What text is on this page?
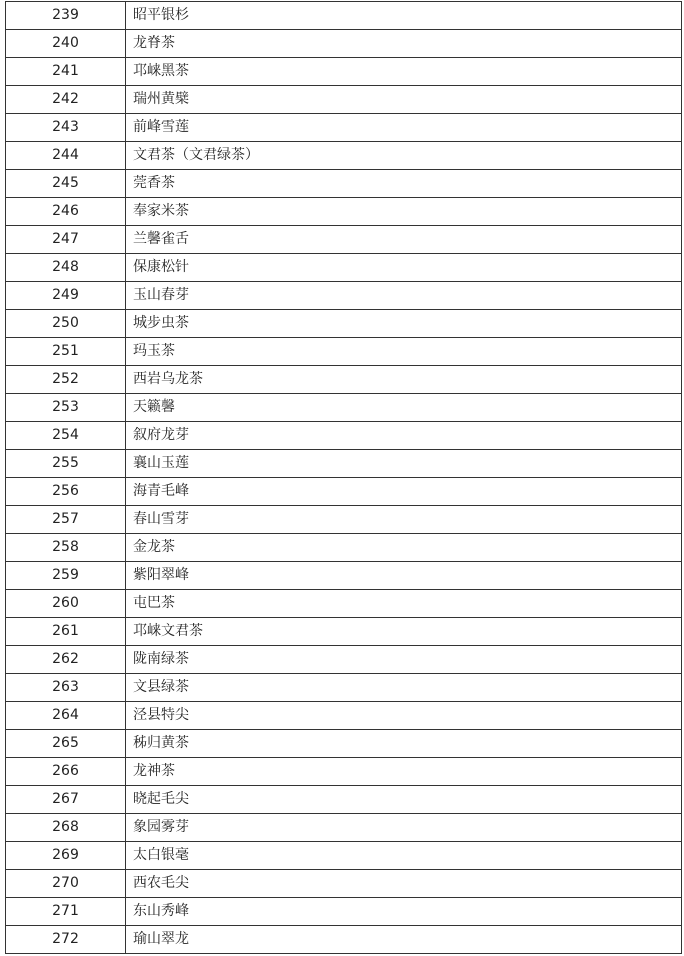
239	昭平银杉
240	龙脊茶
241	邛崃黑茶
242	瑞州黄檗
243	前峰雪莲
244	文君茶（文君绿茶）
245	莞香茶
246	奉家米茶
247	兰馨雀舌
248	保康松针
249	玉山春芽
250	城步虫茶
251	玛玉茶
252	西岩乌龙茶
253	天籁馨
254	叙府龙芽
255	襄山玉莲
256	海青毛峰
257	春山雪芽
258	金龙茶
259	紫阳翠峰
260	屯巴茶
261	邛崃文君茶
262	陇南绿茶
263	文县绿茶
264	泾县特尖
265	秭归黄茶
266	龙神茶
267	晓起毛尖
268	象园雾芽
269	太白银毫
270	西农毛尖
271	东山秀峰
272	瑜山翠龙
